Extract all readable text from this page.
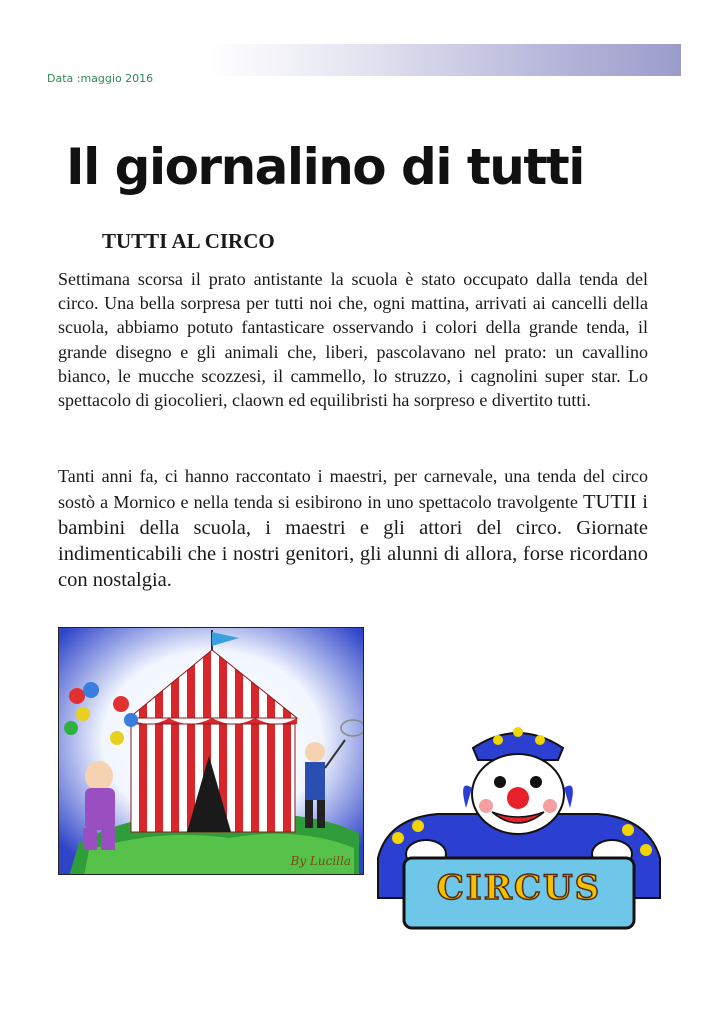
Data :maggio 2016
Il giornalino di tutti
TUTTI AL CIRCO

Settimana scorsa il prato antistante la scuola è stato occupato dalla tenda del circo. Una bella sorpresa per tutti noi che, ogni mattina, arrivati ai cancelli della scuola, abbiamo potuto fantasticare osservando i colori della grande tenda, il grande disegno e gli animali che, liberi, pascolavano nel prato: un cavallino bianco, le mucche scozzesi, il cammello, lo struzzo, i cagnolini super star. Lo spettacolo di giocolieri, claown ed equilibristi ha sorpreso e divertito tutti.

Tanti anni fa, ci hanno raccontato i maestri, per carnevale, una tenda del circo sostò a Mornico e nella tenda si esibirono in uno spettacolo travolgente TUTII i bambini della scuola, i maestri e gli attori del circo. Giornate indimenticabili che i nostri genitori, gli alunni di allora, forse ricordano con nostalgia.

By Lucilla
CIRCUS
